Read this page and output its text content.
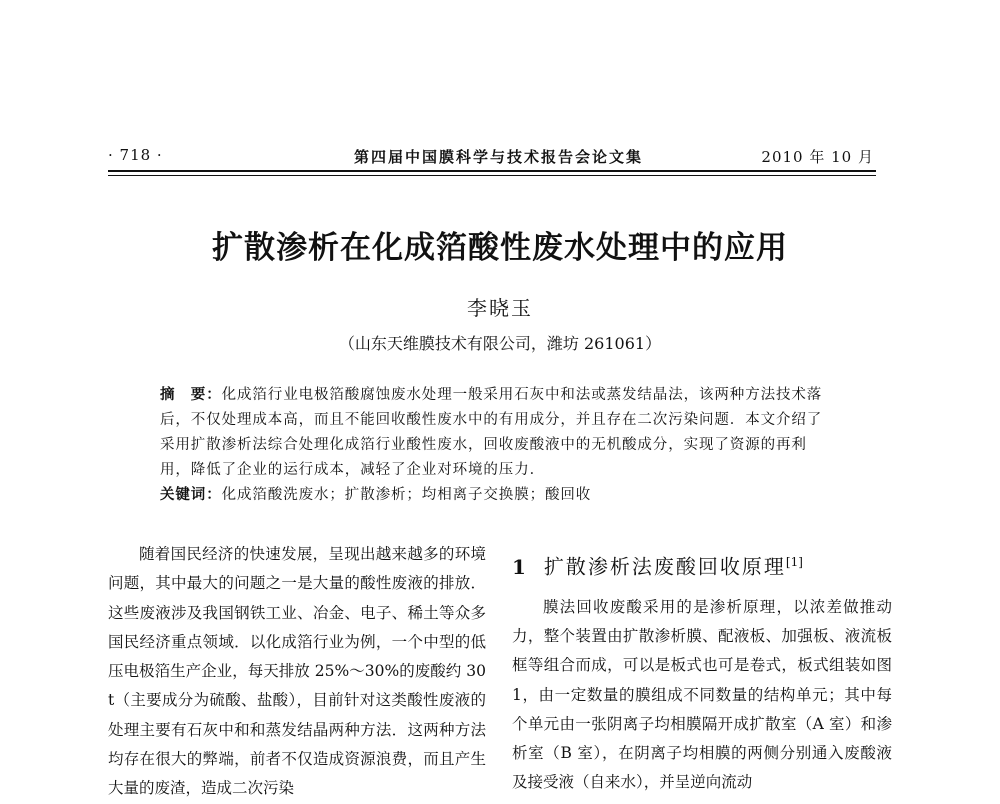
· 718 ·	第四届中国膜科学与技术报告会论文集	2010 年 10 月
扩散渗析在化成箔酸性废水处理中的应用
李晓玉
（山东天维膜技术有限公司，潍坊 261061）
摘　要：化成箔行业电极箔酸腐蚀废水处理一般采用石灰中和法或蒸发结晶法，该两种方法技术落后，不仅处理成本高，而且不能回收酸性废水中的有用成分，并且存在二次污染问题．本文介绍了采用扩散渗析法综合处理化成箔行业酸性废水，回收废酸液中的无机酸成分，实现了资源的再利用，降低了企业的运行成本，减轻了企业对环境的压力．
关键词：化成箔酸洗废水；扩散渗析；均相离子交换膜；酸回收

随着国民经济的快速发展，呈现出越来越多的环境问题，其中最大的问题之一是大量的酸性废液的排放．这些废液涉及我国钢铁工业、冶金、电子、稀土等众多国民经济重点领域．以化成箔行业为例，一个中型的低压电极箔生产企业，每天排放 25%～30%的废酸约 30 t（主要成分为硫酸、盐酸），目前针对这类酸性废液的处理主要有石灰中和和蒸发结晶两种方法．这两种方法均存在很大的弊端，前者不仅造成资源浪费，而且产生大量的废渣，造成二次污染

1 扩散渗析法废酸回收原理[1]

膜法回收废酸采用的是渗析原理，以浓差做推动力，整个装置由扩散渗析膜、配液板、加强板、液流板框等组合而成，可以是板式也可是卷式，板式组装如图 1，由一定数量的膜组成不同数量的结构单元；其中每个单元由一张阴离子均相膜隔开成扩散室（A 室）和渗析室（B 室），在阴离子均相膜的两侧分别通入废酸液及接受液（自来水），并呈逆向流动
